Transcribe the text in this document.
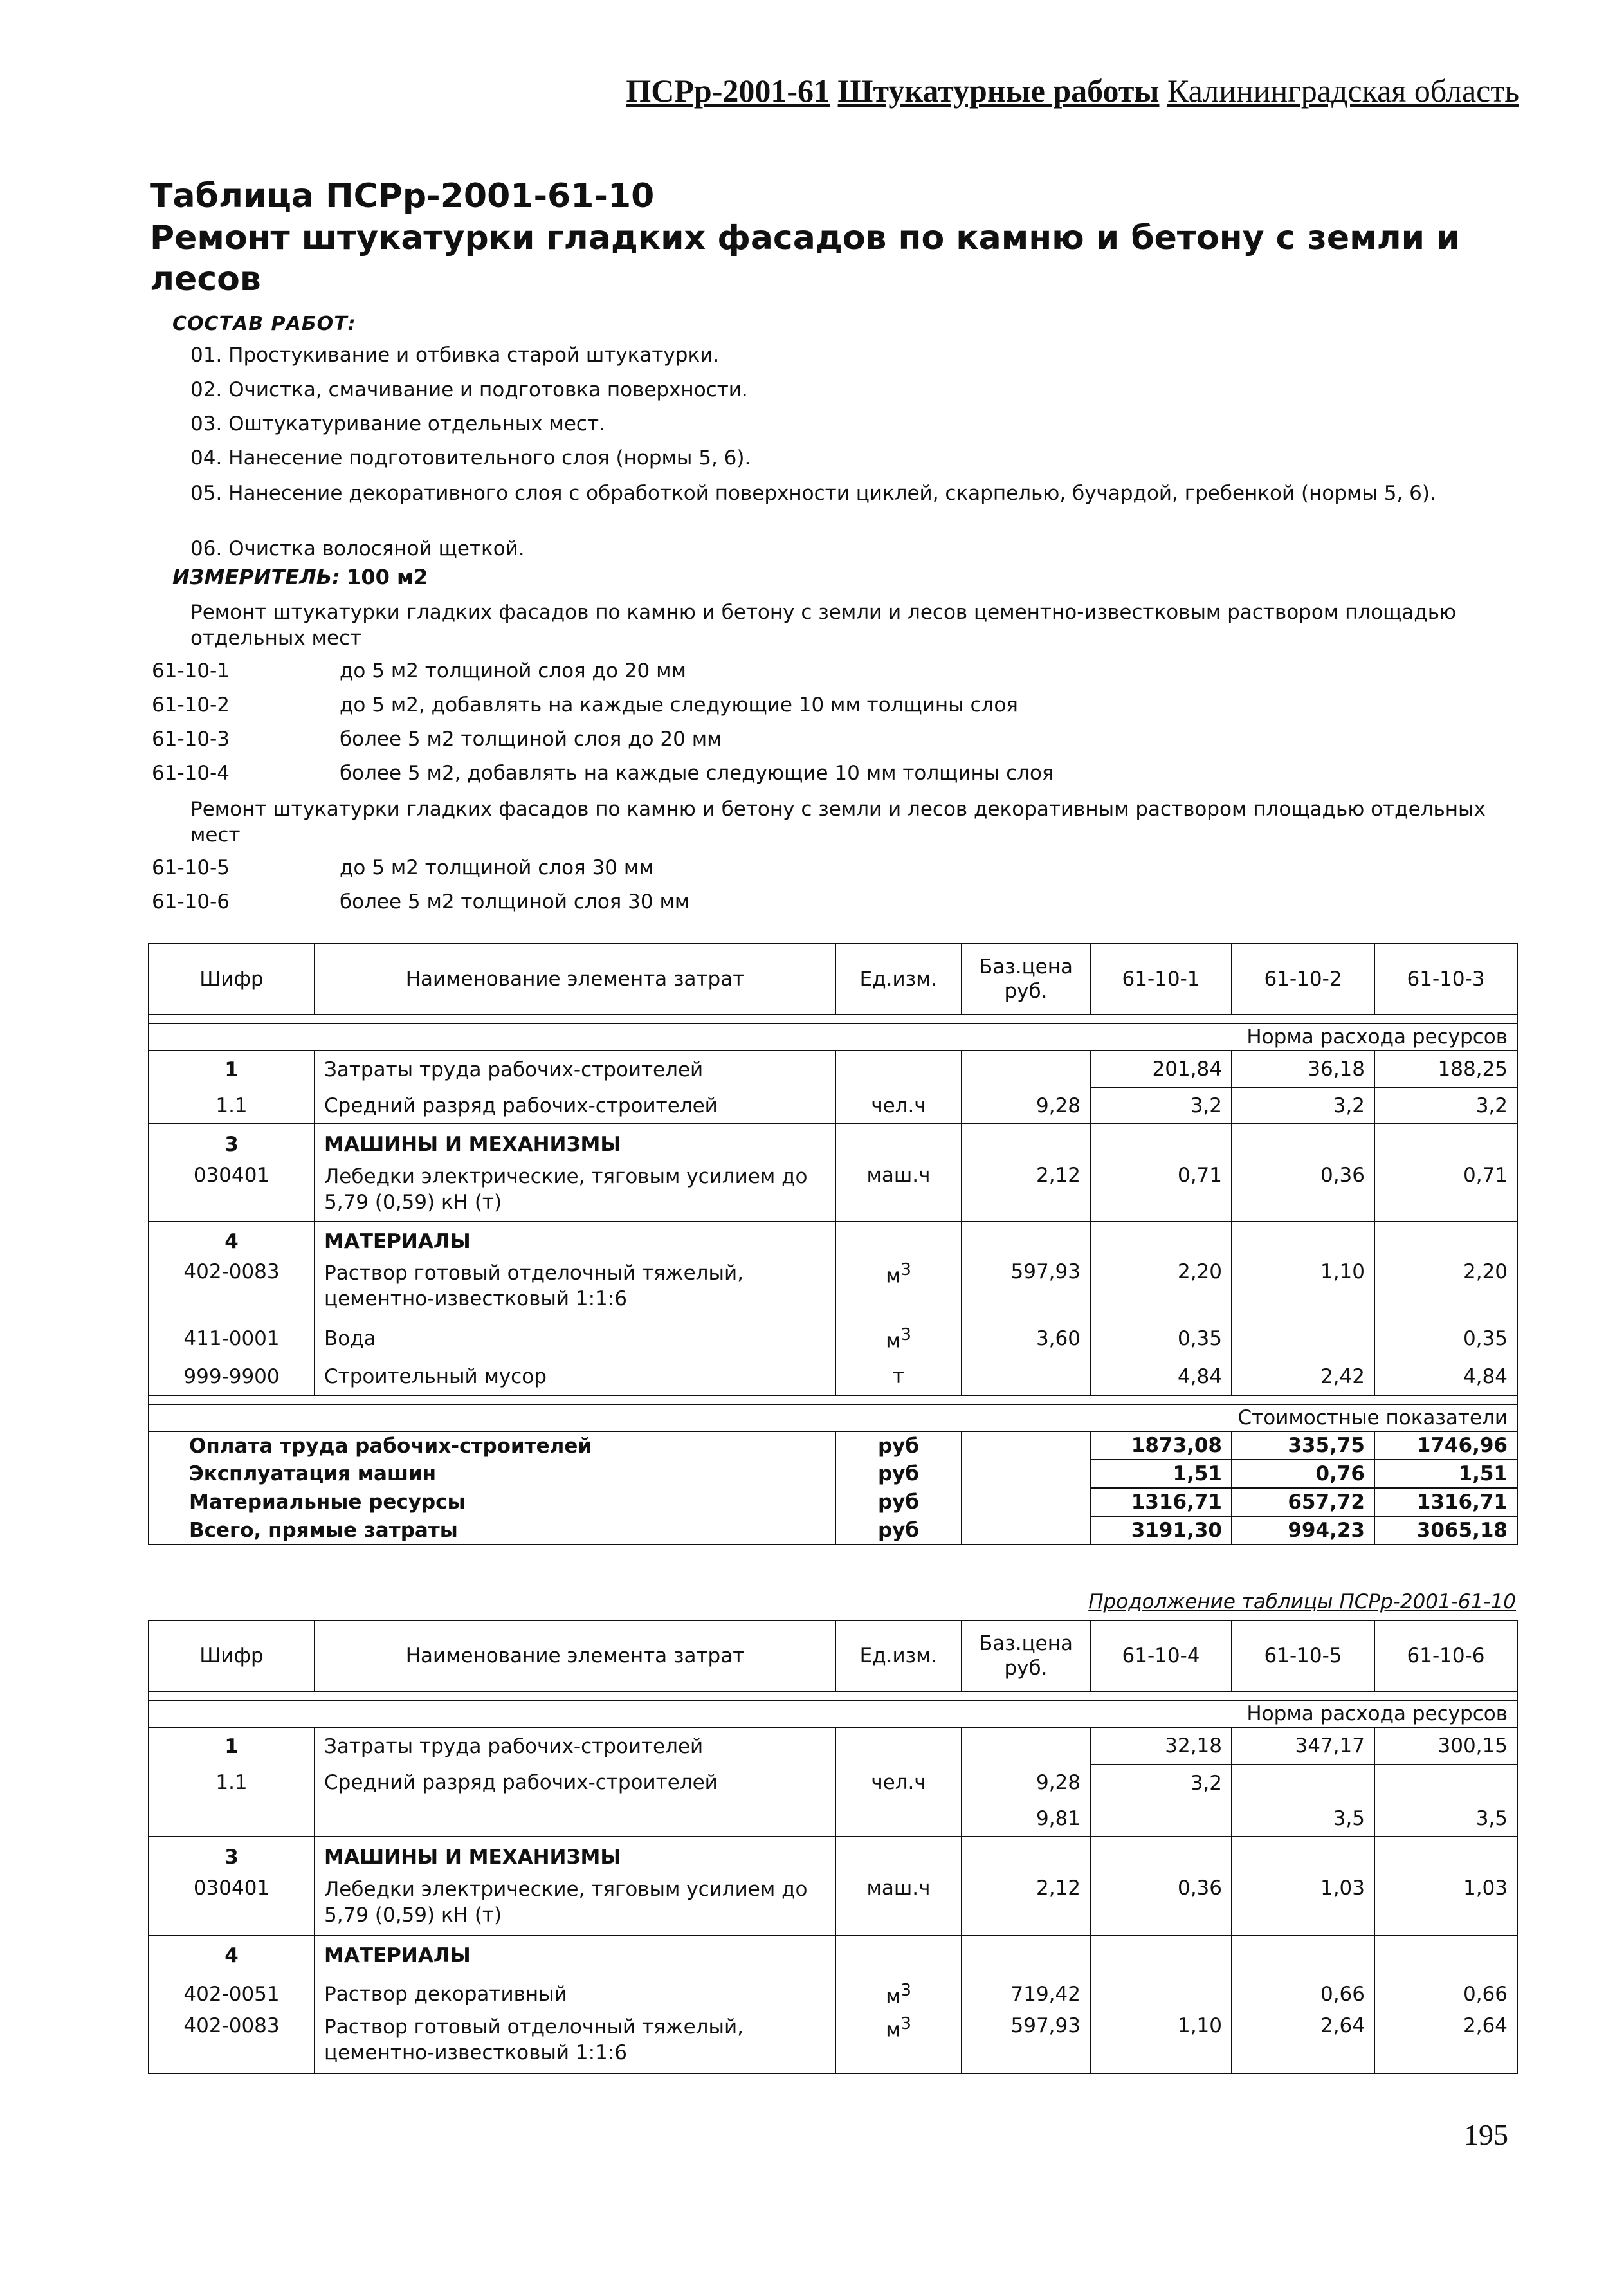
ПСРр-2001-61 Штукатурные работы Калининградская область
Таблица ПСРр-2001-61-10
Ремонт штукатурки гладких фасадов по камню и бетону с земли и лесов
СОСТАВ РАБОТ:
01. Простукивание и отбивка старой штукатурки.
02. Очистка, смачивание и подготовка поверхности.
03. Оштукатуривание отдельных мест.
04. Нанесение подготовительного слоя (нормы 5, 6).
05. Нанесение декоративного слоя с обработкой поверхности циклей, скарпелью, бучардой, гребенкой (нормы 5, 6).
06. Очистка волосяной щеткой.
ИЗМЕРИТЕЛЬ: 100 м2
Ремонт штукатурки гладких фасадов по камню и бетону с земли и лесов цементно-известковым раствором площадью отдельных мест
61-10-1	до 5 м2 толщиной слоя до 20 мм
61-10-2	до 5 м2, добавлять на каждые следующие 10 мм толщины слоя
61-10-3	более 5 м2 толщиной слоя до 20 мм
61-10-4	более 5 м2, добавлять на каждые следующие 10 мм толщины слоя
Ремонт штукатурки гладких фасадов по камню и бетону с земли и лесов декоративным раствором площадью отдельных мест
61-10-5	до 5 м2 толщиной слоя 30 мм
61-10-6	более 5 м2 толщиной слоя 30 мм
Шифр	Наименование элемента затрат	Ед.изм.	Баз.цена руб.	61-10-1	61-10-2	61-10-3

Норма расхода ресурсов						
1	Затраты труда рабочих-строителей			201,84	36,18	188,25
1.1	Средний разряд рабочих-строителей	чел.ч	9,28	3,2	3,2	3,2
3	МАШИНЫ И МЕХАНИЗМЫ					
030401	Лебедки электрические, тяговым усилием до 5,79 (0,59) кН (т)	маш.ч	2,12	0,71	0,36	0,71
4	МАТЕРИАЛЫ					
402-0083	Раствор готовый отделочный тяжелый, цементно-известковый 1:1:6	$м^3$	597,93	2,20	1,10	2,20
411-0001	Вода	$м^3$	3,60	0,35		0,35
999-9900	Строительный мусор	т		4,84	2,42	4,84

Стоимостные показатели						
Оплата труда рабочих-строителей		руб		1873,08	335,75	1746,96
Эксплуатация машин		руб		1,51	0,76	1,51
Материальные ресурсы		руб		1316,71	657,72	1316,71
Всего, прямые затраты		руб		3191,30	994,23	3065,18
Продолжение таблицы ПСРр-2001-61-10
Шифр	Наименование элемента затрат	Ед.изм.	Баз.цена руб.	61-10-4	61-10-5	61-10-6

Норма расхода ресурсов						
1	Затраты труда рабочих-строителей			32,18	347,17	300,15
1.1	Средний разряд рабочих-строителей	чел.ч	9,28	3,2		
			9,81		3,5	3,5
3	МАШИНЫ И МЕХАНИЗМЫ					
030401	Лебедки электрические, тяговым усилием до 5,79 (0,59) кН (т)	маш.ч	2,12	0,36	1,03	1,03
4	МАТЕРИАЛЫ					
402-0051	Раствор декоративный	$м^3$	719,42		0,66	0,66
402-0083	Раствор готовый отделочный тяжелый, цементно-известковый 1:1:6	$м^3$	597,93	1,10	2,64	2,64
195
